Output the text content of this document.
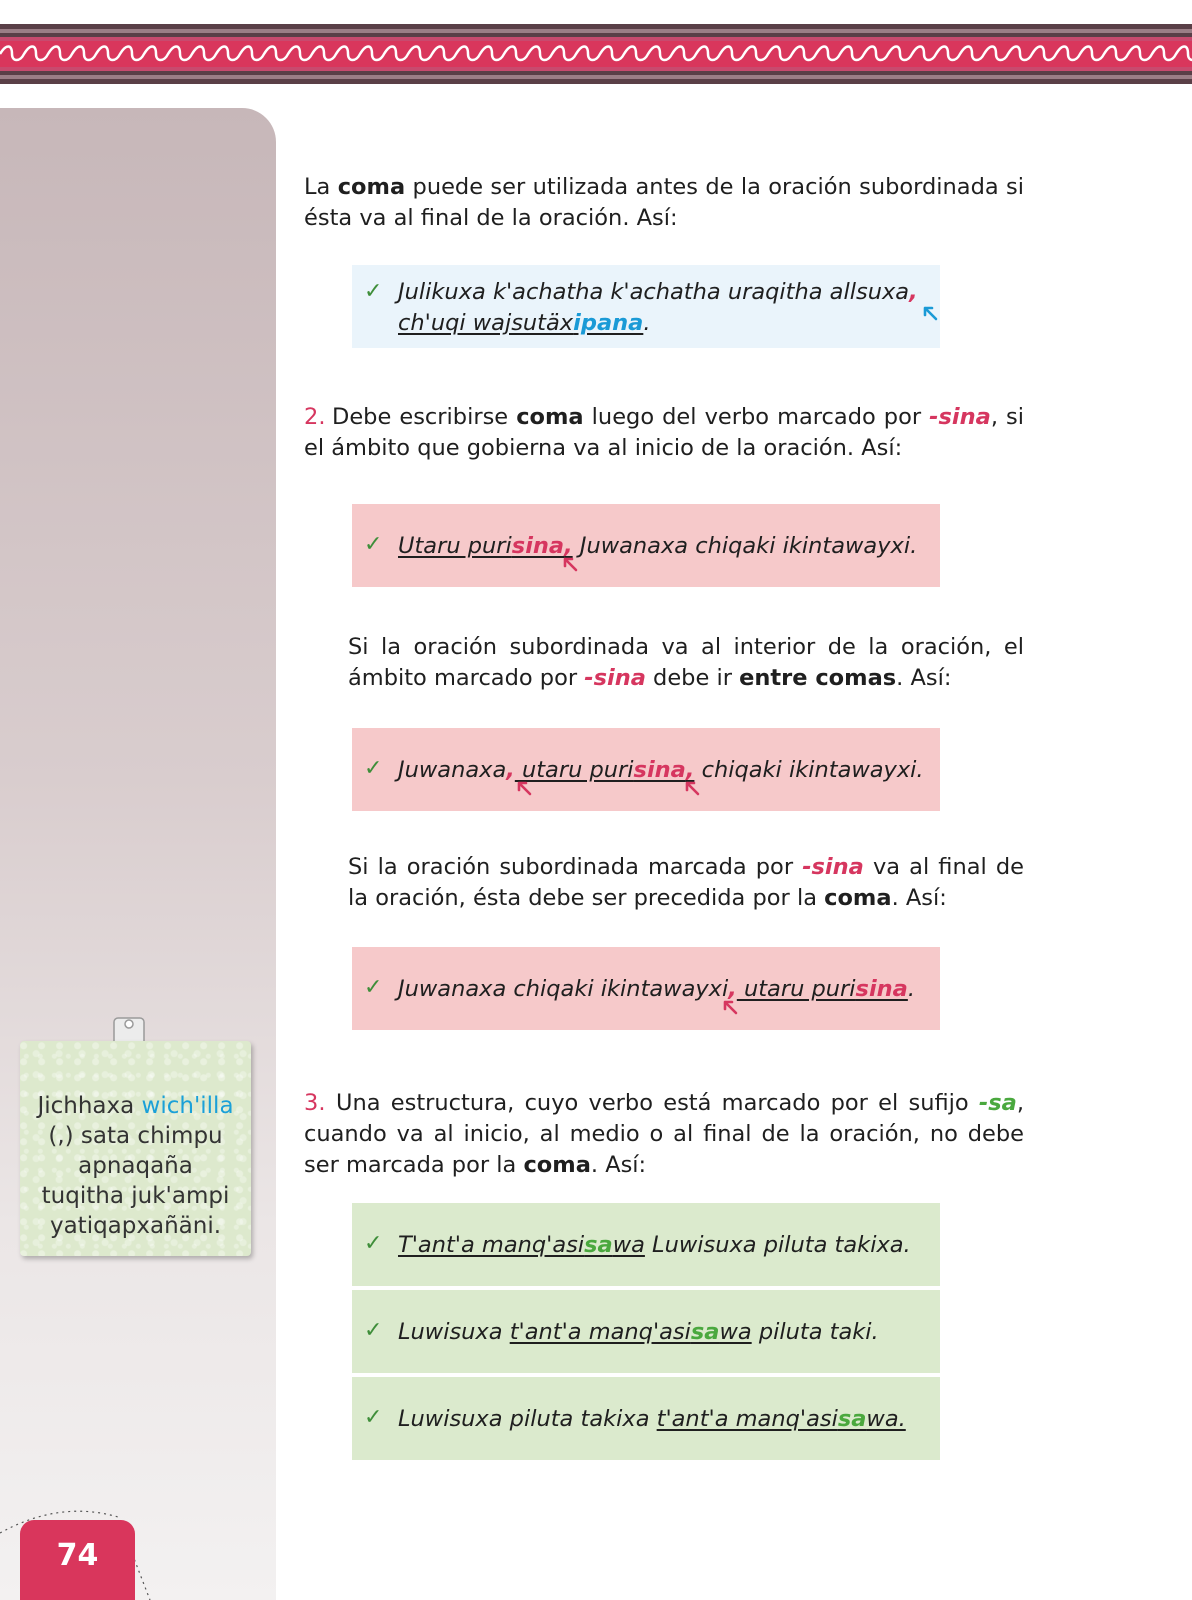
Jichhaxa wich'illa
(,) sata chimpu
apnaqaña
tuqitha juk'ampi
yatiqapxañäni.
74

La coma puede ser utilizada antes de la oración subordinada si ésta va al final de la oración. Así:

✓ Julikuxa k'achatha k'achatha uraqitha allsuxa,
ch'uqi wajsutäxipana.
2. Debe escribirse coma luego del verbo marcado por -sina, si el ámbito que gobierna va al inicio de la oración. Así:

✓ Utaru purisina, Juwanaxa chiqaki ikintawayxi.

Si la oración subordinada va al interior de la oración, el ámbito marcado por -sina debe ir entre comas. Así:

✓ Juwanaxa, utaru purisina, chiqaki ikintawayxi.

Si la oración subordinada marcada por -sina va al final de la oración, ésta debe ser precedida por la coma. Así:

✓ Juwanaxa chiqaki ikintawayxi, utaru purisina.
3. Una estructura, cuyo verbo está marcado por el sufijo -sa, cuando va al inicio, al medio o al final de la oración, no debe ser marcada por la coma. Así:

✓ T'ant'a manq'asisawa Luwisuxa piluta takixa.
✓ Luwisuxa t'ant'a manq'asisawa piluta taki.
✓ Luwisuxa piluta takixa t'ant'a manq'asisawa.
